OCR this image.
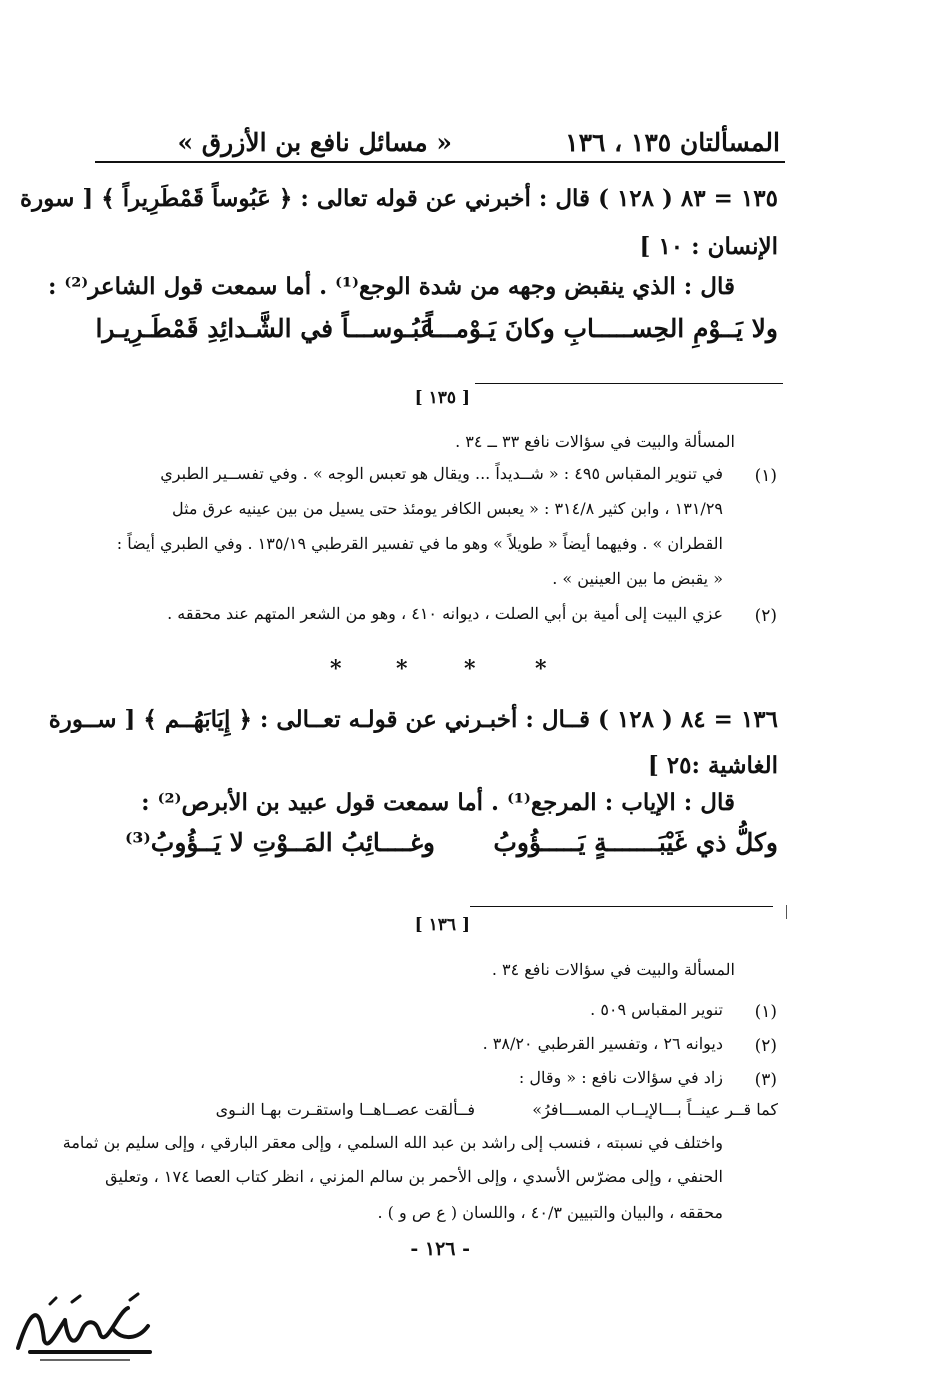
المسألتان ١٣٥ ، ١٣٦
« مسائل نافع بن الأزرق »
١٣٥ = ٨٣ ( ١٢٨ ) قال : أخبرني عن قوله تعالى : ﴿ عَبُوساً قَمْطَرِيراً ﴾ [ سورة
الإنسان : ١٠ ]
قال : الذي ينقبض وجهه من شدة الوجع⁽¹⁾ . أما سمعت قول الشاعر⁽²⁾ :
ولا يَــوْمِ الحِســـــابِ وكانَ يَـوْمـــاً
عَبُـوســـاً في الشَّـدائِدِ قَمْطَـرِيـرا
[ ١٣٥ ]
المسألة والبيت في سؤالات نافع ٣٣ ــ ٣٤ .
(١)
في تنوير المقباس ٤٩٥ : « شــديداً ... ويقال هو تعبس الوجه » . وفي تفســير الطبري
١٣١/٢٩ ، وابن كثير ٣١٤/٨ : « يعبس الكافر يومئذ حتى يسيل من بين عينيه عرق مثل
القطران » . وفيهما أيضاً « طويلاً » وهو ما في تفسير القرطبي ١٣٥/١٩ . وفي الطبري أيضاً :
« يقبض ما بين العينين » .
(٢)
عزي البيت إلى أمية بن أبي الصلت ، ديوانه ٤١٠ ، وهو من الشعر المتهم عند محققه .
* *	*	*
١٣٦ = ٨٤ ( ١٢٨ ) قــال : أخبـرني عن قولـه تعــالى : ﴿ إِيَابَهُــم ﴾ [ ســورة
الغاشية :٢٥ ]
قال : الإياب : المرجع⁽¹⁾ . أما سمعت قول عبيد بن الأبرص⁽²⁾ :
وكلُّ ذي غَيْبَـــــــةٍ يَـــــؤُوبُ
وغــــائِبُ المَــوْتِ لا يَــؤُوبُ⁽³⁾
[ ١٣٦ ]
المسألة والبيت في سؤالات نافع ٣٤ .
(١)
تنوير المقباس ٥٠٩ .
(٢)
ديوانه ٢٦ ، وتفسير القرطبي ٣٨/٢٠ .
(٣)
زاد في سؤالات نافع : « وقال :
فــألقت عصــاهــا واستقـرت بهـا النـوى	كما قــر عينــاً بـــالإيــاب المســـافرُ»
واختلف في نسبته ، فنسب إلى راشد بن عبد الله السلمي ، وإلى معقر البارقي ، وإلى سليم بن ثمامة
الحنفي ، وإلى مضرّس الأسدي ، وإلى الأحمر بن سالم المزني ، انظر كتاب العصا ١٧٤ ، وتعليق
محققه ، والبيان والتبيين ٤٠/٣ ، واللسان ( ع ص و ) .
- ١٢٦ -
